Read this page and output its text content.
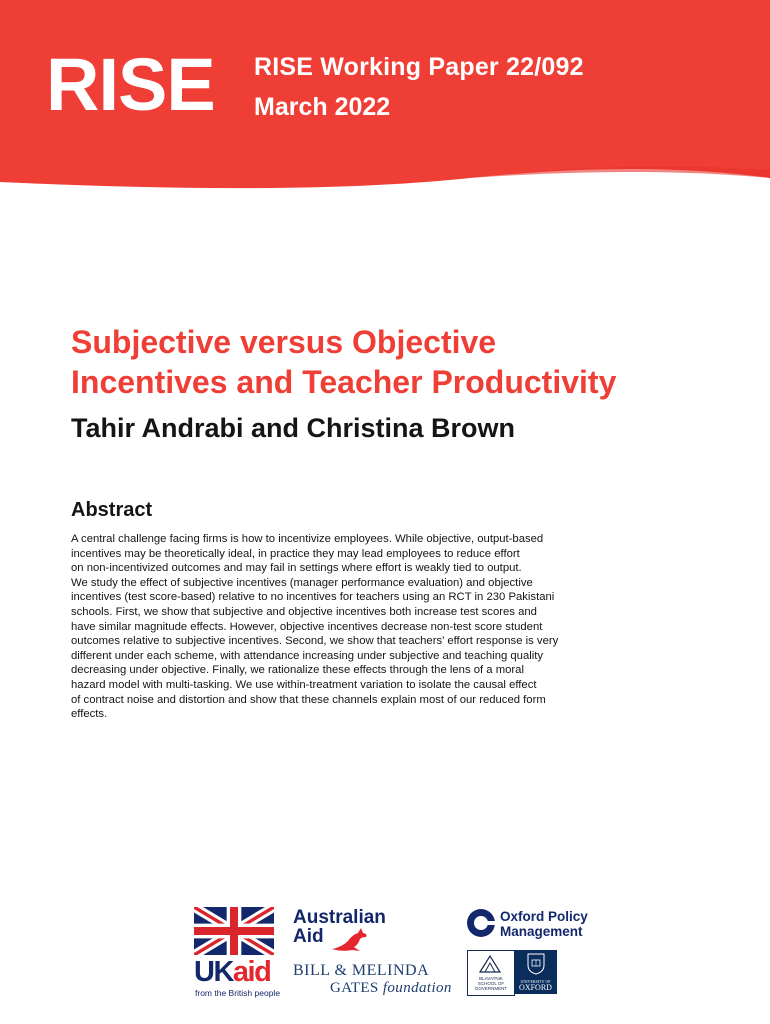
RISE RISE Working Paper 22/092
March 2022
Subjective versus Objective
Incentives and Teacher Productivity
Tahir Andrabi and Christina Brown
Abstract
A central challenge facing firms is how to incentivize employees. While objective, output-based
incentives may be theoretically ideal, in practice they may lead employees to reduce effort
on non-incentivized outcomes and may fail in settings where effort is weakly tied to output.
We study the effect of subjective incentives (manager performance evaluation) and objective
incentives (test score-based) relative to no incentives for teachers using an RCT in 230 Pakistani
schools. First, we show that subjective and objective incentives both increase test scores and
have similar magnitude effects. However, objective incentives decrease non-test score student
outcomes relative to subjective incentives. Second, we show that teachers’ effort response is very
different under each scheme, with attendance increasing under subjective and teaching quality
decreasing under objective. Finally, we rationalize these effects through the lens of a moral
hazard model with multi-tasking. We use within-treatment variation to isolate the causal effect
of contract noise and distortion and show that these channels explain most of our reduced form
effects.
UKaid
from the British people
Australian
Aid
BILL & MELINDA
GATES foundation
Oxford Policy
Management
BLAVATNIK SCHOOL OF GOVERNMENT
UNIVERSITY OF
OXFORD
